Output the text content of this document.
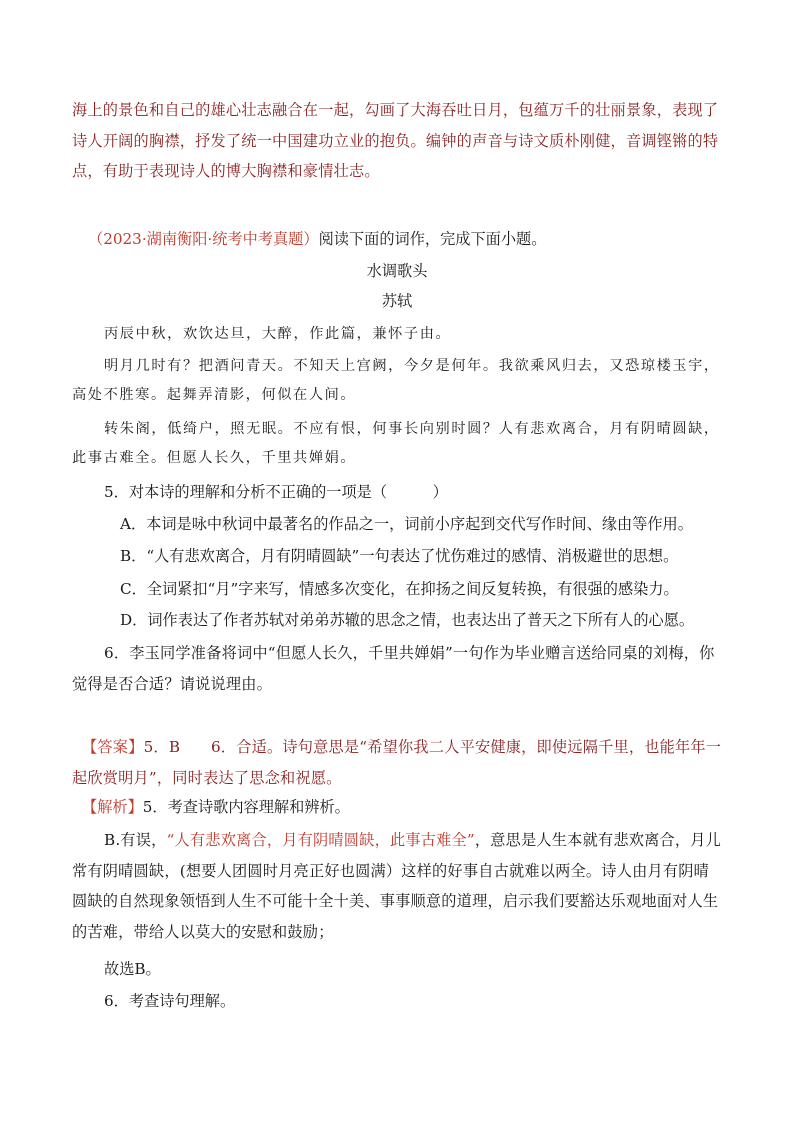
海上的景色和自己的雄心壮志融合在一起，勾画了大海吞吐日月，包蕴万千的壮丽景象，表现了诗人开阔的胸襟，抒发了统一中国建功立业的抱负。编钟的声音与诗文质朴刚健，音调铿锵的特点，有助于表现诗人的博大胸襟和豪情壮志。

（2023·湖南衡阳·统考中考真题）阅读下面的词作，完成下面小题。

水调歌头

苏轼

丙辰中秋，欢饮达旦，大醉，作此篇，兼怀子由。

明月几时有？把酒问青天。不知天上宫阙，今夕是何年。我欲乘风归去，又恐琼楼玉宇，高处不胜寒。起舞弄清影，何似在人间。

转朱阁，低绮户，照无眠。不应有恨，何事长向别时圆？人有悲欢离合，月有阴晴圆缺，此事古难全。但愿人长久，千里共婵娟。

5．对本诗的理解和分析不正确的一项是（　　　）

A．本词是咏中秋词中最著名的作品之一，词前小序起到交代写作时间、缘由等作用。

B．“人有悲欢离合，月有阴晴圆缺”一句表达了忧伤难过的感情、消极避世的思想。

C．全词紧扣“月”字来写，情感多次变化，在抑扬之间反复转换，有很强的感染力。

D．词作表达了作者苏轼对弟弟苏辙的思念之情，也表达出了普天之下所有人的心愿。

6．李玉同学准备将词中“但愿人长久，千里共婵娟”一句作为毕业赠言送给同桌的刘梅，你觉得是否合适？请说说理由。

【答案】5．B　　6．合适。诗句意思是“希望你我二人平安健康，即使远隔千里，也能年年一起欣赏明月”，同时表达了思念和祝愿。

【解析】5．考查诗歌内容理解和辨析。

B.有误，“人有悲欢离合，月有阴晴圆缺，此事古难全”，意思是人生本就有悲欢离合，月儿常有阴晴圆缺，(想要人团圆时月亮正好也圆满）这样的好事自古就难以两全。诗人由月有阴晴圆缺的自然现象领悟到人生不可能十全十美、事事顺意的道理，启示我们要豁达乐观地面对人生的苦难，带给人以莫大的安慰和鼓励；

故选B。

6．考查诗句理解。
